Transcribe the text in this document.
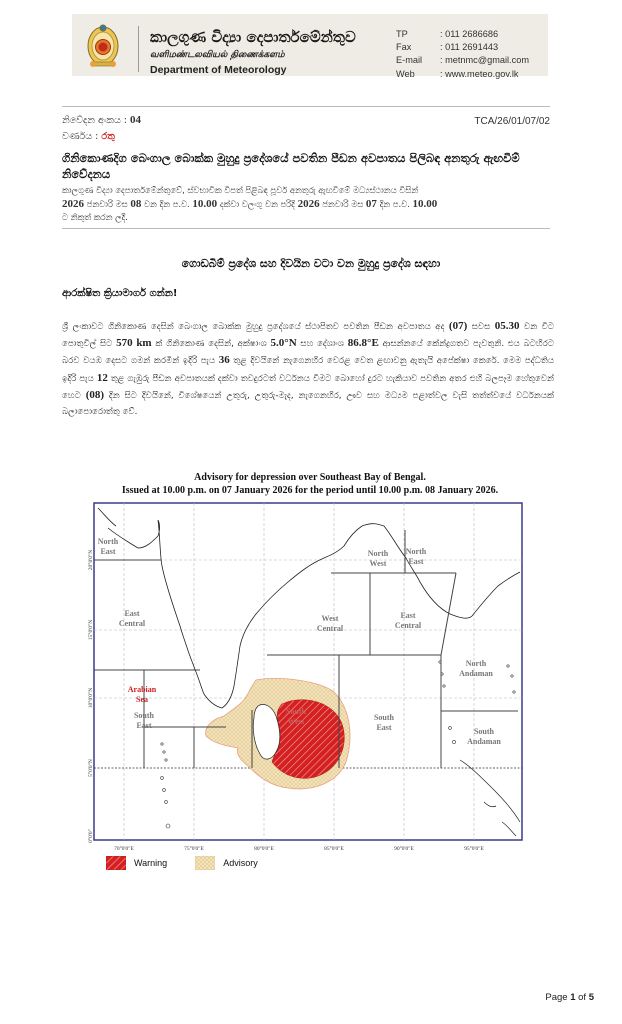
කාලගුණ විද්‍යා දෙපාර්තමේන්තුව
வளிமண்டலவியல் திணைக்களம்
Department of Meteorology
TP	: 011 2686686
Fax	: 011 2691443
E-mail	: metnmc@gmail.com
Web	: www.meteo.gov.lk
නිවේදන අංකය : 04
වර්ණය : රතු
TCA/26/01/07/02
ගිනිකොණදිග බෙංගාල බොක්ක මුහුදු ප්‍රදේශයේ පවතින පීඩන අවපාතය පිලිබඳ අනතුරු ඇඟවීම් නිවේදනය
කාලගුණ විද්‍යා දෙපාර්තමේන්තුවේ, ස්වභාවික විපත් පිළිබඳ පූර්ව අනතුරු ඇඟවීමේ මධ්‍යස්ථානය විසින්
2026 ජනවාරි මස 08 වන දින ප.ව. 10.00 දක්වා වලංගු වන පරිදි 2026 ජනවාරි මස 07 දින ප.ව. 10.00
ට නිකුත් කරන ලදී.
ගොඩබිම් ප්‍රදේශ සහ දිවයින වටා වන මුහුදු ප්‍රදේශ සඳහා
ආරක්ෂිත ක්‍රියාමාර්ග ගන්න!
ශ්‍රී ලංකාවට ගිනිකොණ දෙසින් බෙංගාල බොක්ක මුහුදු ප්‍රදේශයේ ස්ථාපිතව පවතින පීඩන අවපාතය අද (07) සවස 05.30 වන විට පොතුවිල් සිට 570 km ක් ගිනිකොණ දෙසින්, අක්ෂාංශ 5.0°N සහ දේශාංශ 86.8°E ආසන්නයේ කේන්ද්‍රගතව පැවතුනි. එය බටහිරට බරව වයඹ දෙසට ගමන් කරමින් ඉදිරි පැය 36 තුළ දිවයිනේ නැගෙනහිර වෙරළ වෙත ළඟාවනු ඇතැයි අපේක්ෂා කෙරේ. මෙම පද්ධතිය ඉදිරි පැය 12 තුළ ගැඹුරු පීඩන අවපාතයක් දක්වා තවදුරටත් වර්ධනය වීමට බොහෝ දුරට හැකියාව පවතින අතර එහි බලපෑම හේතුවෙන් හෙට (08) දින සිට දිවයිනේ, විශේෂයෙන් උතුරු, උතුරු-මැද, නැගෙනහිර, ඌව සහ මධ්‍යම පළාත්වල වැසි තත්ත්වයේ වර්ධනයක් බලාපොරොත්තු වේ.
Advisory for depression over Southeast Bay of Bengal.
Issued at 10.00 p.m. on 07 January 2026 for the period until 10.00 p.m. 08 January 2026.
North East
East Central
Arabian Sea
South East
North West
North East
West Central
East Central
North Andaman
South West	South East	South Andaman
70°0'0"E	75°0'0"E	80°0'0"E	85°0'0"E	90°0'0"E	95°0'0"E
20°0'0"N
15°0'0"N
10°0'0"N
5°0'0"N
0°0'0"
Warning	Advisory
Page 1 of 5
